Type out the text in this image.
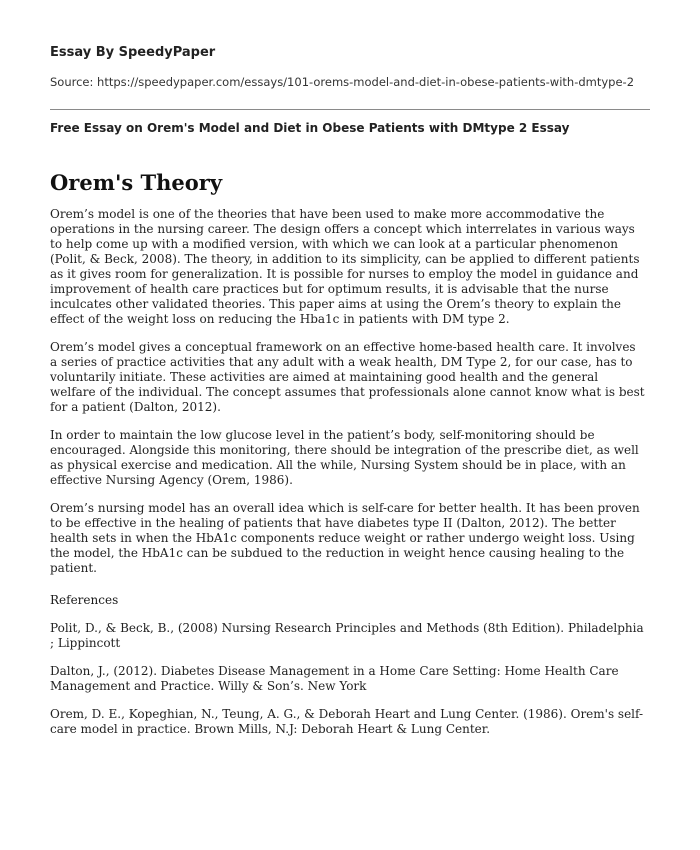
Essay By SpeedyPaper
Source: https://speedypaper.com/essays/101-orems-model-and-diet-in-obese-patients-with-dmtype-2
Free Essay on Orem's Model and Diet in Obese Patients with DMtype 2 Essay
Orem's Theory

Orem’s model is one of the theories that have been used to make more accommodative the operations in the nursing career. The design offers a concept which interrelates in various ways to help come up with a modified version, with which we can look at a particular phenomenon (Polit, & Beck, 2008). The theory, in addition to its simplicity, can be applied to different patients as it gives room for generalization. It is possible for nurses to employ the model in guidance and improvement of health care practices but for optimum results, it is advisable that the nurse inculcates other validated theories. This paper aims at using the Orem’s theory to explain the effect of the weight loss on reducing the Hba1c in patients with DM type 2.

Orem’s model gives a conceptual framework on an effective home-based health care. It involves a series of practice activities that any adult with a weak health, DM Type 2, for our case, has to voluntarily initiate. These activities are aimed at maintaining good health and the general welfare of the individual. The concept assumes that professionals alone cannot know what is best for a patient (Dalton, 2012).

In order to maintain the low glucose level in the patient’s body, self-monitoring should be encouraged. Alongside this monitoring, there should be integration of the prescribe diet, as well as physical exercise and medication. All the while, Nursing System should be in place, with an effective Nursing Agency (Orem, 1986).

Orem’s nursing model has an overall idea which is self-care for better health. It has been proven to be effective in the healing of patients that have diabetes type II (Dalton, 2012). The better health sets in when the HbA1c components reduce weight or rather undergo weight loss. Using the model, the HbA1c can be subdued to the reduction in weight hence causing healing to the patient.

References

Polit, D., & Beck, B., (2008) Nursing Research Principles and Methods (8th Edition). Philadelphia ; Lippincott

Dalton, J., (2012). Diabetes Disease Management in a Home Care Setting: Home Health Care Management and Practice. Willy & Son’s. New York

Orem, D. E., Kopeghian, N., Teung, A. G., & Deborah Heart and Lung Center. (1986). Orem's self-care model in practice. Brown Mills, N.J: Deborah Heart & Lung Center.
